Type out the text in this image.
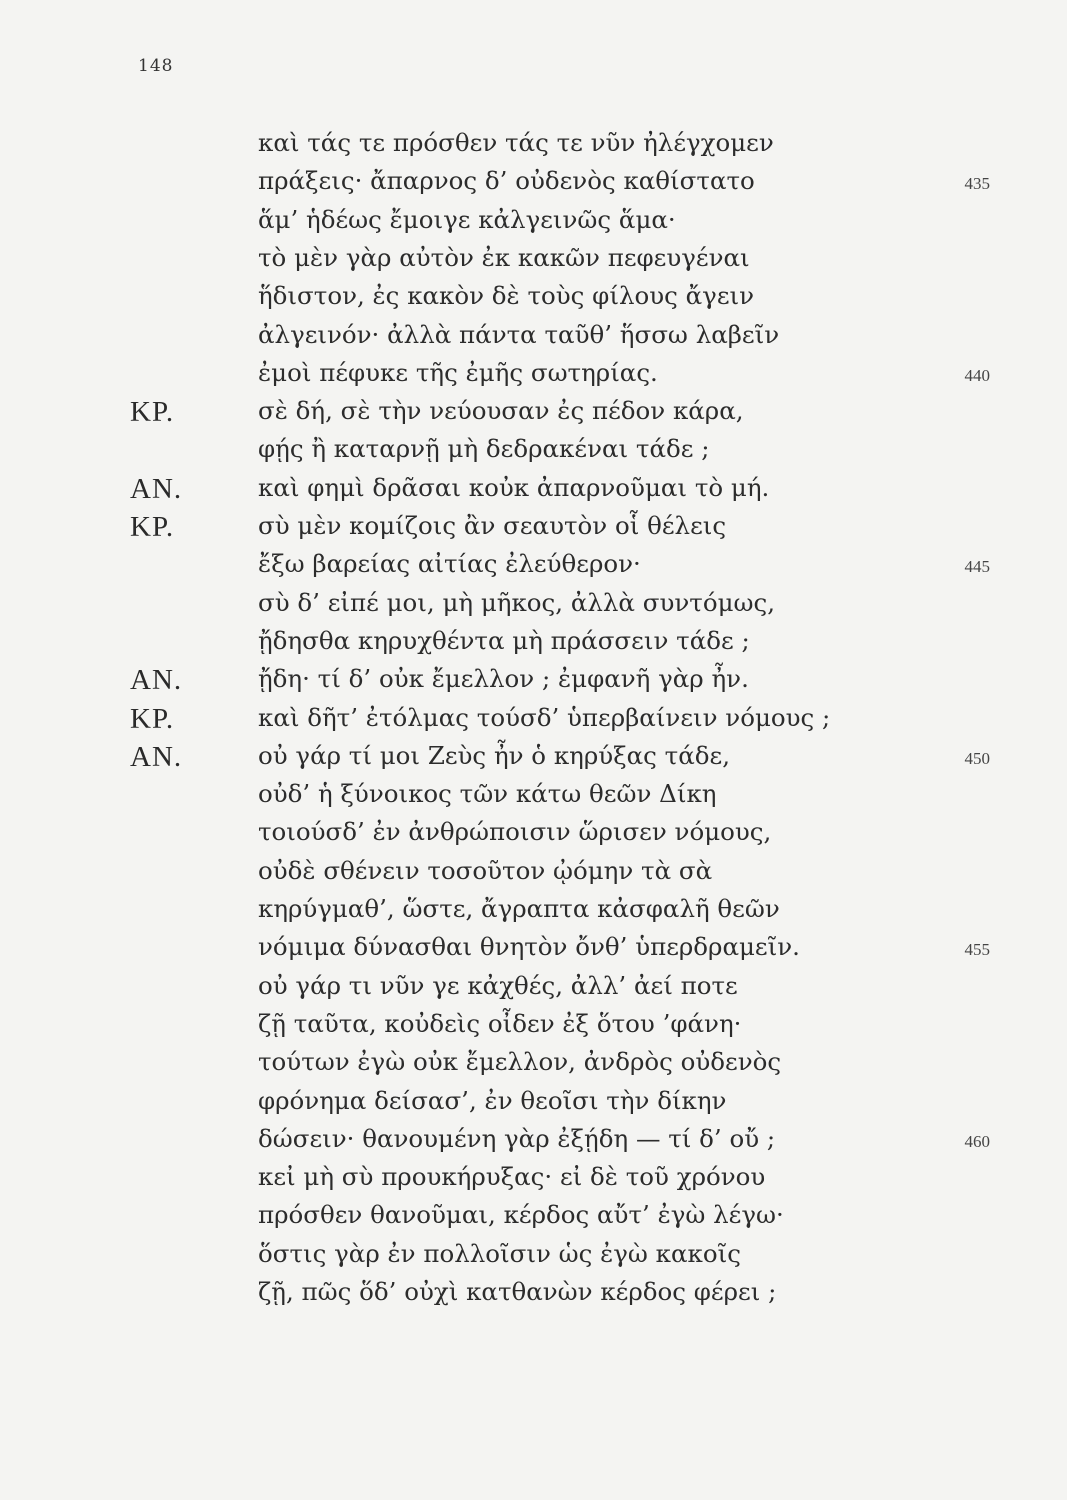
148
καὶ τάς τε πρόσθεν τάς τε νῦν ἠλέγχομεν
πράξεις· ἄπαρνος δ’ οὐδενὸς καθίστατο	435
ἅμ’ ἡδέως ἔμοιγε κἀλγεινῶς ἅμα·
τὸ μὲν γὰρ αὐτὸν ἐκ κακῶν πεφευγέναι
ἥδιστον, ἐς κακὸν δὲ τοὺς φίλους ἄγειν
ἀλγεινόν· ἀλλὰ πάντα ταῦθ’ ἥσσω λαβεῖν
ἐμοὶ πέφυκε τῆς ἐμῆς σωτηρίας.	440
ΚΡ.	σὲ δή, σὲ τὴν νεύουσαν ἐς πέδον κάρα,
φῄς ἢ καταρνῇ μὴ δεδρακέναι τάδε ;
ΑΝ.	καὶ φημὶ δρᾶσαι κοὐκ ἀπαρνοῦμαι τὸ μή.
ΚΡ.	σὺ μὲν κομίζοις ἂν σεαυτὸν οἷ θέλεις
ἔξω βαρείας αἰτίας ἐλεύθερον·	445
σὺ δ’ εἰπέ μοι, μὴ μῆκος, ἀλλὰ συντόμως,
ᾔδησθα κηρυχθέντα μὴ πράσσειν τάδε ;
ΑΝ.	ᾔδη· τί δ’ οὐκ ἔμελλον ; ἐμφανῆ γὰρ ἦν.
ΚΡ.	καὶ δῆτ’ ἐτόλμας τούσδ’ ὑπερβαίνειν νόμους ;
ΑΝ.	οὐ γάρ τί μοι Ζεὺς ἦν ὁ κηρύξας τάδε,	450
οὐδ’ ἡ ξύνοικος τῶν κάτω θεῶν Δίκη
τοιούσδ’ ἐν ἀνθρώποισιν ὥρισεν νόμους,
οὐδὲ σθένειν τοσοῦτον ᾠόμην τὰ σὰ
κηρύγμαθ’, ὥστε, ἄγραπτα κἀσφαλῆ θεῶν
νόμιμα δύνασθαι θνητὸν ὄνθ’ ὑπερδραμεῖν.	455
οὐ γάρ τι νῦν γε κἀχθές, ἀλλ’ ἀεί ποτε
ζῇ ταῦτα, κοὐδεὶς οἶδεν ἐξ ὅτου ’φάνη·
τούτων ἐγὼ οὐκ ἔμελλον, ἀνδρὸς οὐδενὸς
φρόνημα δείσασ’, ἐν θεοῖσι τὴν δίκην
δώσειν· θανουμένη γὰρ ἐξῄδη — τί δ’ οὔ ;	460
κεἰ μὴ σὺ προυκήρυξας· εἰ δὲ τοῦ χρόνου
πρόσθεν θανοῦμαι, κέρδος αὔτ’ ἐγὼ λέγω·
ὅστις γὰρ ἐν πολλοῖσιν ὡς ἐγὼ κακοῖς
ζῇ, πῶς ὅδ’ οὐχὶ κατθανὼν κέρδος φέρει ;
